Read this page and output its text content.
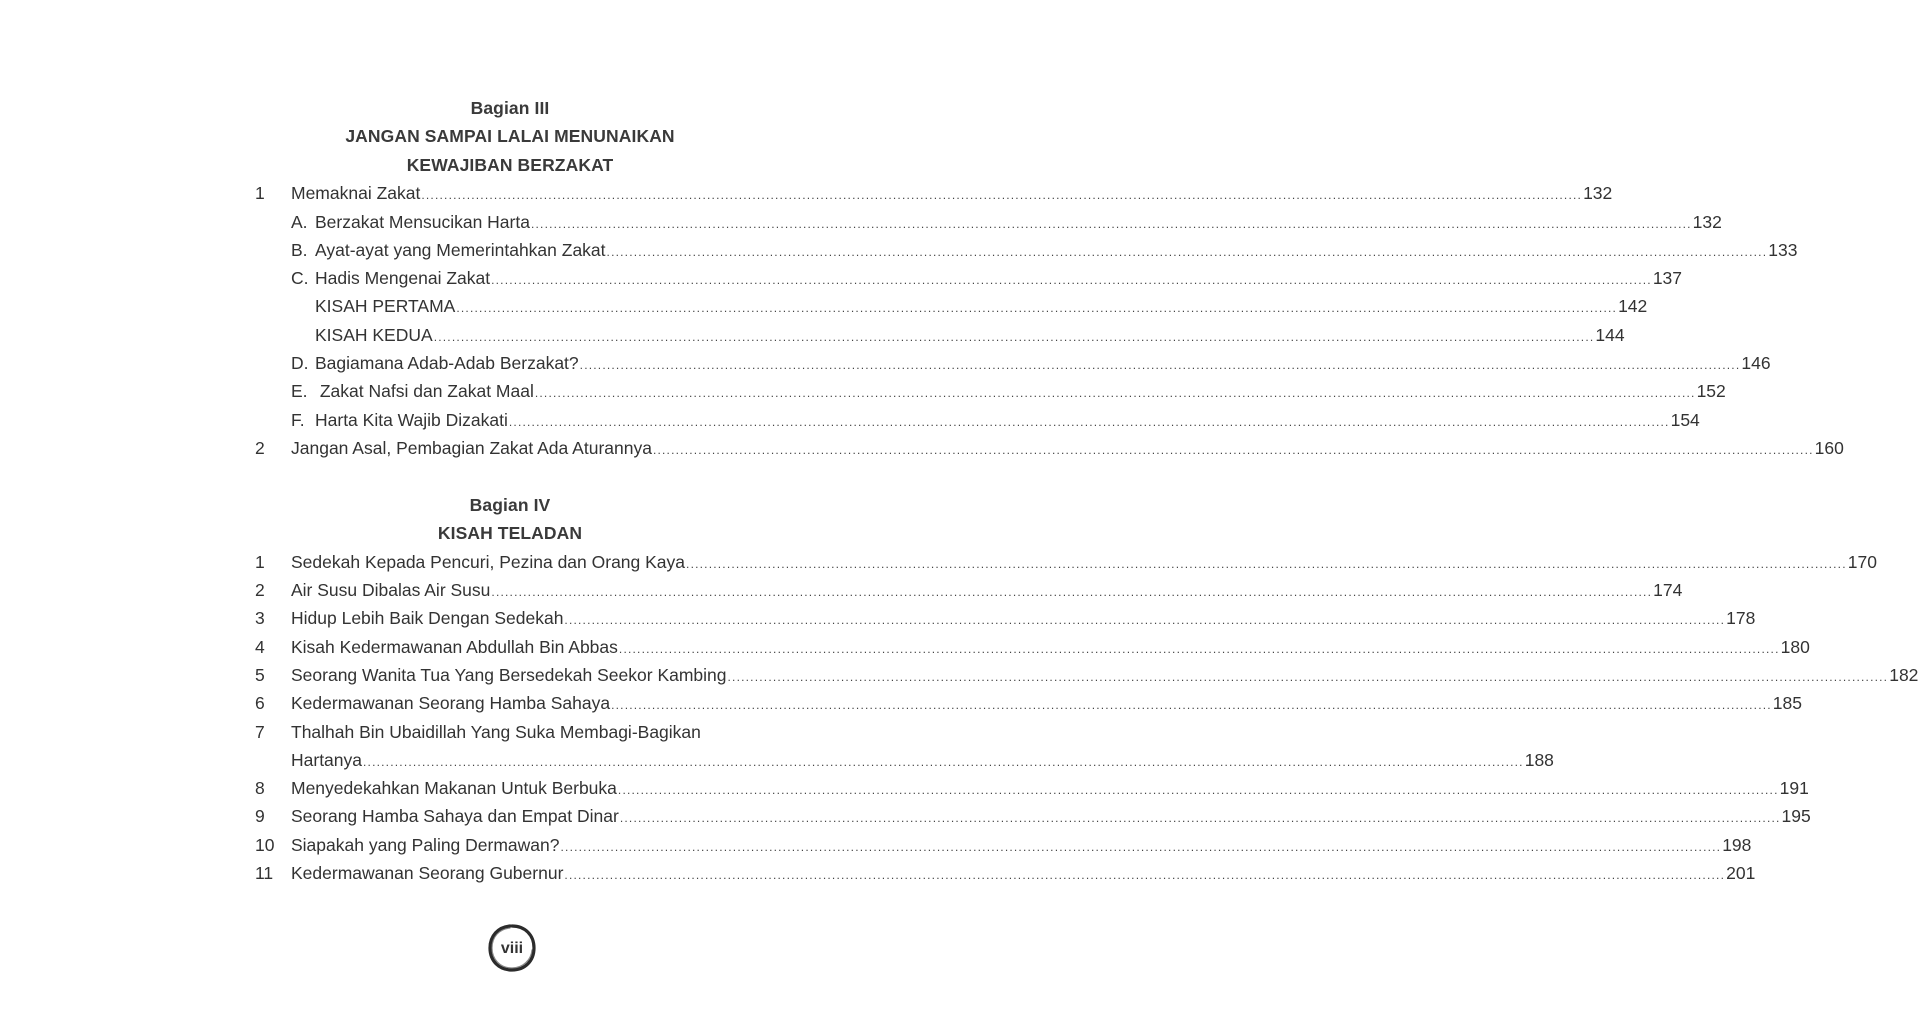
Bagian III
JANGAN SAMPAI LALAI MENUNAIKAN
KEWAJIBAN BERZAKAT
1	Memaknai Zakat .....	132
A. Berzakat Mensucikan Harta .....	132
B. Ayat-ayat yang Memerintahkan Zakat .....	133
C. Hadis Mengenai Zakat .....	137
KISAH PERTAMA .....	142
KISAH KEDUA .....	144
D. Bagiamana Adab-Adab Berzakat? .....	146
E. Zakat Nafsi dan Zakat Maal .....	152
F. Harta Kita Wajib Dizakati .....	154
2	Jangan Asal, Pembagian Zakat Ada Aturannya .....	160
Bagian IV
KISAH TELADAN
1	Sedekah Kepada Pencuri, Pezina dan Orang Kaya .....	170
2	Air Susu Dibalas Air Susu .....	174
3	Hidup Lebih Baik Dengan Sedekah .....	178
4	Kisah Kedermawanan Abdullah Bin Abbas .....	180
5	Seorang Wanita Tua Yang Bersedekah Seekor Kambing .....	182
6	Kedermawanan Seorang Hamba Sahaya .....	185
7	Thalhah Bin Ubaidillah Yang Suka Membagi-Bagikan
Hartanya .....	188
8	Menyedekahkan Makanan Untuk Berbuka .....	191
9	Seorang Hamba Sahaya dan Empat Dinar .....	195
10 Siapakah yang Paling Dermawan? .....	198
11	Kedermawanan Seorang Gubernur .....	201
viii
